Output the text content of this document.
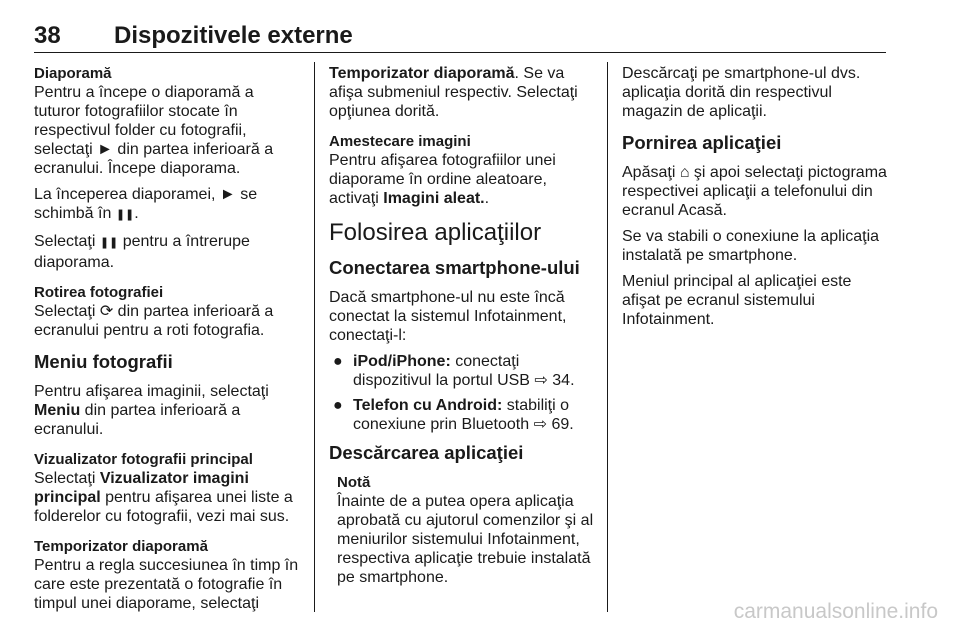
38 Dispozitivele externe

Diaporamă

Pentru a începe o diaporamă a tuturor fotografiilor stocate în respectivul folder cu fotografii, selectaţi ► din partea inferioară a ecranului. Începe diaporama.

La începerea diaporamei, ► se schimbă în ❚❚.

Selectaţi ❚❚ pentru a întrerupe diaporama.

Rotirea fotografiei

Selectaţi ⟳ din partea inferioară a ecranului pentru a roti fotografia.

Meniu fotografii

Pentru afişarea imaginii, selectaţi Meniu din partea inferioară a ecranului.

Vizualizator fotografii principal

Selectaţi Vizualizator imagini principal pentru afişarea unei liste a folderelor cu fotografii, vezi mai sus.

Temporizator diaporamă

Pentru a regla succesiunea în timp în care este prezentată o fotografie în timpul unei diaporame, selectaţi

Temporizator diaporamă. Se va afişa submeniul respectiv. Selectaţi opţiunea dorită.

Amestecare imagini

Pentru afişarea fotografiilor unei diaporame în ordine aleatoare, activaţi Imagini aleat..

Folosirea aplicaţiilor

Conectarea smartphone-ului

Dacă smartphone-ul nu este încă conectat la sistemul Infotainment, conectaţi-l:

● iPod/iPhone: conectaţi dispozitivul la portul USB ⇨ 34.
● Telefon cu Android: stabiliţi o conexiune prin Bluetooth ⇨ 69.

Descărcarea aplicaţiei

Notă

Înainte de a putea opera aplicaţia aprobată cu ajutorul comenzilor şi al meniurilor sistemului Infotainment, respectiva aplicaţie trebuie instalată pe smartphone.

Descărcaţi pe smartphone-ul dvs. aplicaţia dorită din respectivul magazin de aplicaţii.

Pornirea aplicaţiei

Apăsaţi ⌂ şi apoi selectaţi pictograma respectivei aplicaţii a telefonului din ecranul Acasă.

Se va stabili o conexiune la aplicaţia instalată pe smartphone.

Meniul principal al aplicaţiei este afişat pe ecranul sistemului Infotainment.

carmanualsonline.info
